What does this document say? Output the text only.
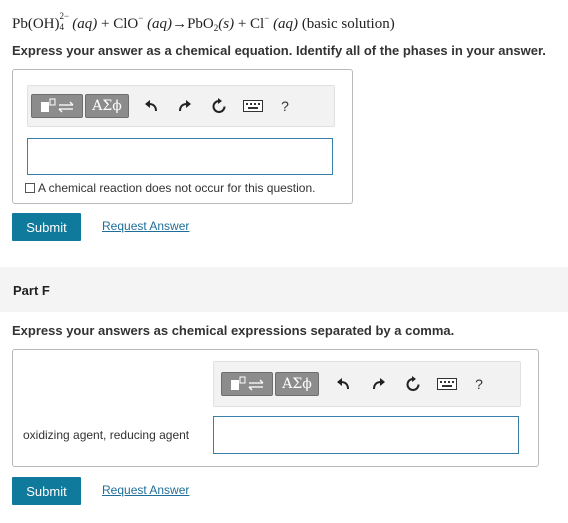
Pb(OH) 2−
4 (aq) + ClO− (aq)→PbO$_2$(s) + Cl− (aq) (basic solution)
Express your answer as a chemical equation. Identify all of the phases in your answer.
ΑΣϕ	?
A chemical reaction does not occur for this question.
Submit	Request Answer
Part F
Express your answers as chemical expressions separated by a comma.
ΑΣϕ	?
oxidizing agent, reducing agent
Submit	Request Answer
